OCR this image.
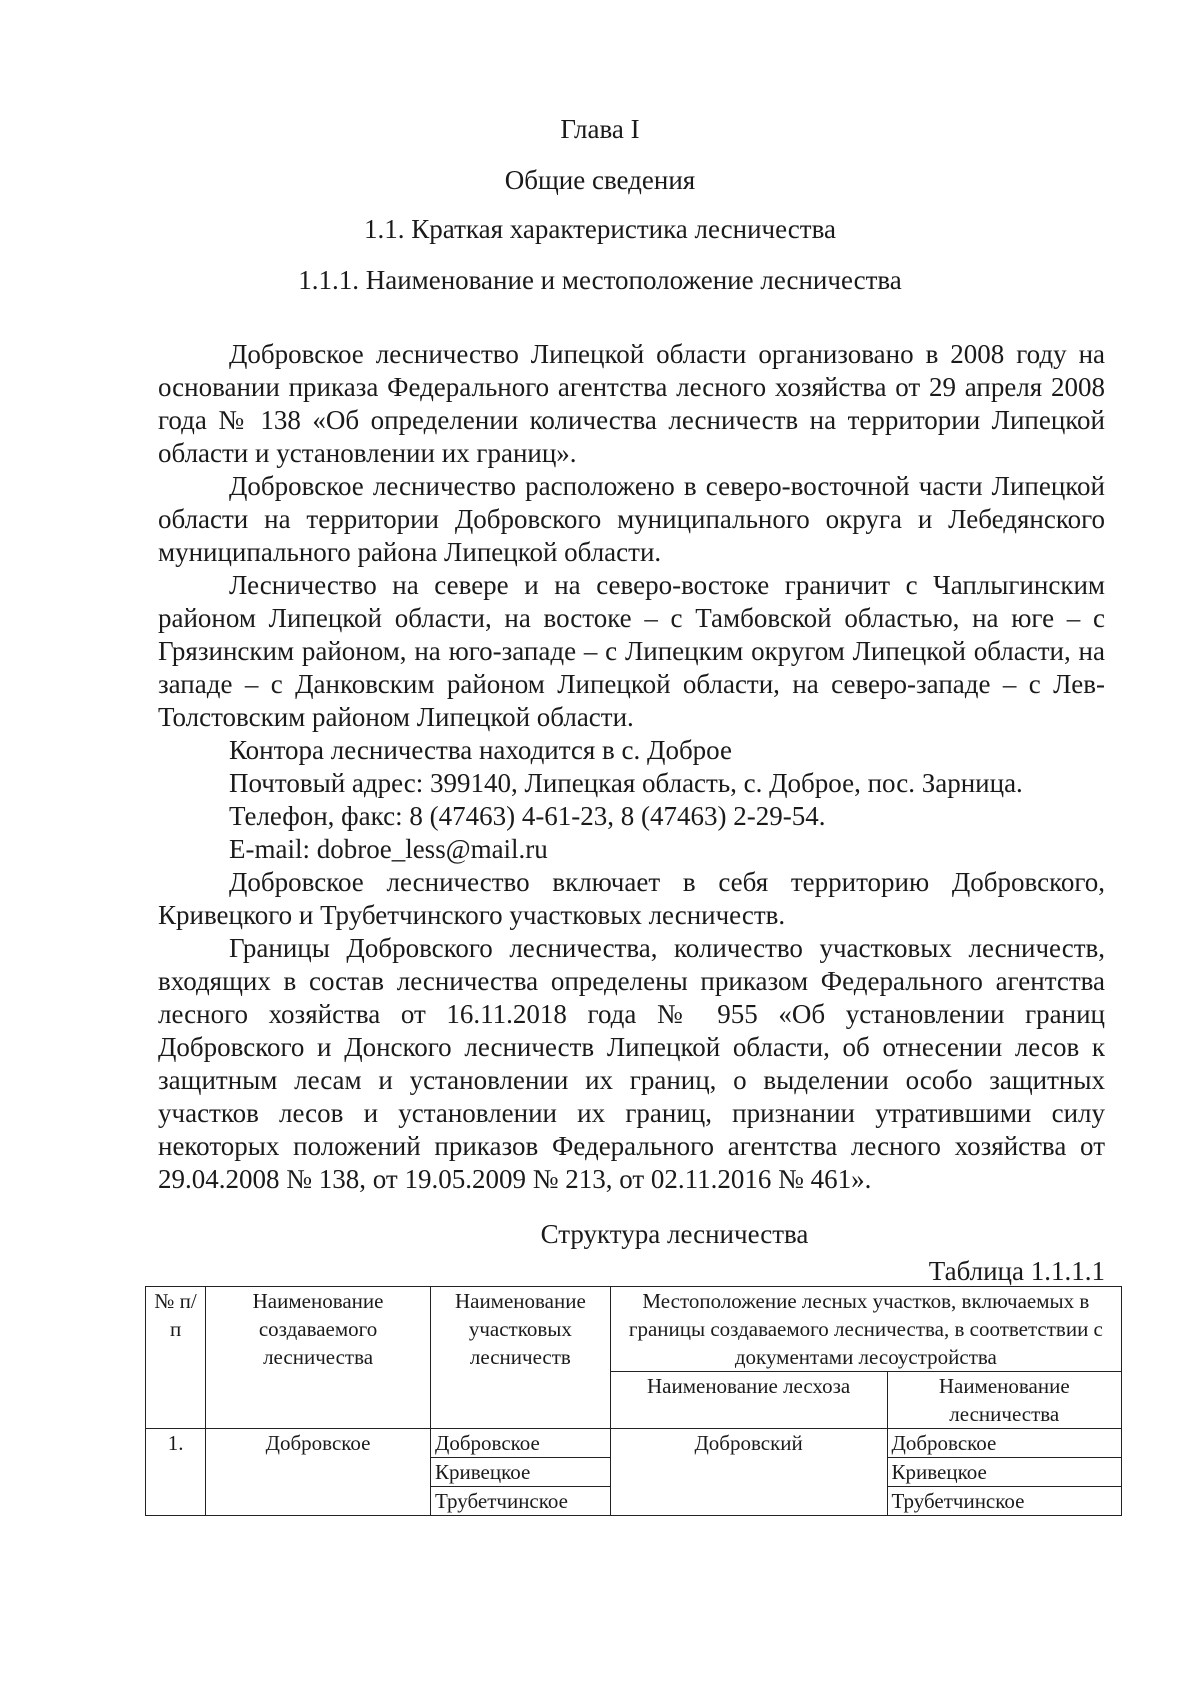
Глава I
Общие сведения
1.1. Краткая характеристика лесничества
1.1.1. Наименование и местоположение лесничества

Добровское лесничество Липецкой области организовано в 2008 году на основании приказа Федерального агентства лесного хозяйства от 29 апреля 2008 года № 138 «Об определении количества лесничеств на территории Липецкой области и установлении их границ».

Добровское лесничество расположено в северо-восточной части Липецкой области на территории Добровского муниципального округа и Лебедянского муниципального района Липецкой области.

Лесничество на севере и на северо-востоке граничит с Чаплыгинским районом Липецкой области, на востоке – с Тамбовской областью, на юге – с Грязинским районом, на юго-западе – с Липецким округом Липецкой области, на западе – с Данковским районом Липецкой области, на северо-западе – с Лев-Толстовским районом Липецкой области.

Контора лесничества находится в с. Доброе

Почтовый адрес: 399140, Липецкая область, с. Доброе, пос. Зарница.

Телефон, факс: 8 (47463) 4-61-23, 8 (47463) 2-29-54.

E-mail: dobroe_less@mail.ru

Добровское лесничество включает в себя территорию Добровского, Кривецкого и Трубетчинского участковых лесничеств.

Границы Добровского лесничества, количество участковых лесничеств, входящих в состав лесничества определены приказом Федерального агентства лесного хозяйства от 16.11.2018 года № 955 «Об установлении границ Добровского и Донского лесничеств Липецкой области, об отнесении лесов к защитным лесам и установлении их границ, о выделении особо защитных участков лесов и установлении их границ, признании утратившими силу некоторых положений приказов Федерального агентства лесного хозяйства от 29.04.2008 № 138, от 19.05.2009 № 213, от 02.11.2016 № 461».

Структура лесничества

Таблица 1.1.1.1

№ п/п	Наименование создаваемого лесничества	Наименование участковых лесничеств	Местоположение лесных участков, включаемых в границы создаваемого лесничества, в соответствии с документами лесоустройства	
			Наименование лесхоза	Наименование лесничества
1.	Добровское	Добровское	Добровский	Добровское
		Кривецкое		Кривецкое
		Трубетчинское		Трубетчинское
